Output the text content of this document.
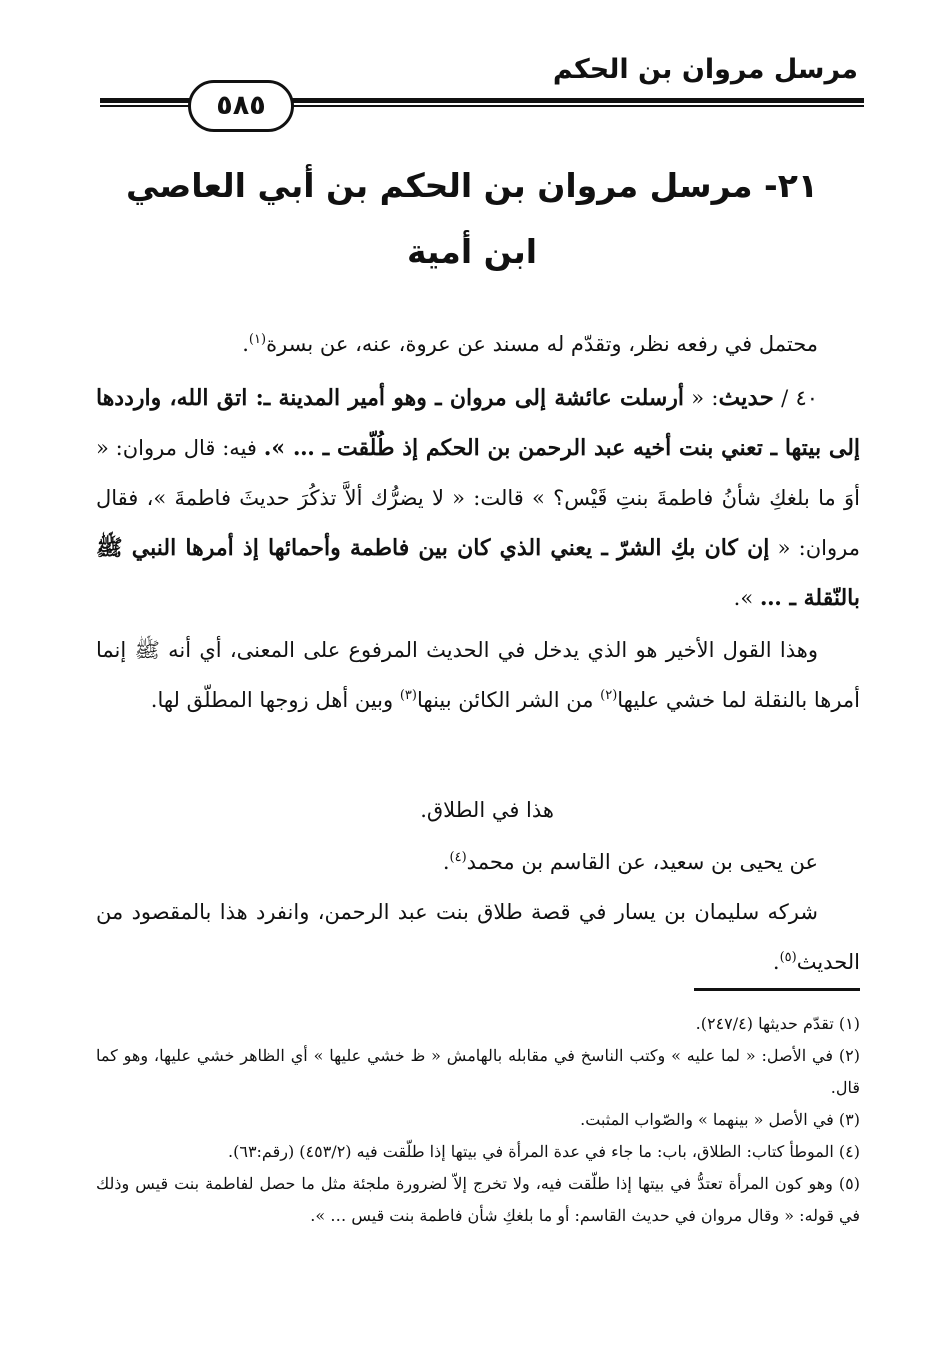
مرسل مروان بن الحكم
٥٨٥
٢١- مرسل مروان بن الحكم بن أبي العاصي
ابن أمية

محتمل في رفعه نظر، وتقدّم له مسند عن عروة، عنه، عن بسرة$^{(١)}$.

٤٠ / حديث: « أرسلت عائشة إلى مروان ـ وهو أمير المدينة ـ: اتق الله، وارددها إلى بيتها ـ تعني بنت أخيه عبد الرحمن بن الحكم إذ طُلّقت ـ … ». فيه: قال مروان: « أوَ ما بلغكِ شأنُ فاطمةَ بنتِ قَيْس؟ » قالت: « لا يضرُّك ألاَّ تذكُرَ حديثَ فاطمةَ »، فقال مروان: « إن كان بكِ الشرّ ـ يعني الذي كان بين فاطمة وأحمائها إذ أمرها النبي ﷺ بالنّقلة ـ … ».

وهذا القول الأخير هو الذي يدخل في الحديث المرفوع على المعنى، أي أنه ﷺ إنما أمرها بالنقلة لما خشي عليها$^{(٢)}$ من الشر الكائن بينها$^{(٣)}$ وبين أهل زوجها المطلّق لها.

هذا في الطلاق.

عن يحيى بن سعيد، عن القاسم بن محمد$^{(٤)}$.

شركه سليمان بن يسار في قصة طلاق بنت عبد الرحمن، وانفرد هذا بالمقصود من الحديث$^{(٥)}$.

(١) تقدّم حديثها (٢٤٧/٤).

(٢) في الأصل: « لما عليه » وكتب الناسخ في مقابله بالهامش « ظ خشي عليها » أي الظاهر خشي عليها، وهو كما قال.

(٣) في الأصل « بينهما » والصّواب المثبت.

(٤) الموطأ كتاب: الطلاق، باب: ما جاء في عدة المرأة في بيتها إذا طلّقت فيه (٤٥٣/٢) (رقم:٦٣).

(٥) وهو كون المرأة تعتدُّ في بيتها إذا طلّقت فيه، ولا تخرج إلاّ لضرورة ملجئة مثل ما حصل لفاطمة بنت قيس وذلك في قوله: « وقال مروان في حديث القاسم: أو ما بلغكِ شأن فاطمة بنت قيس … ».
